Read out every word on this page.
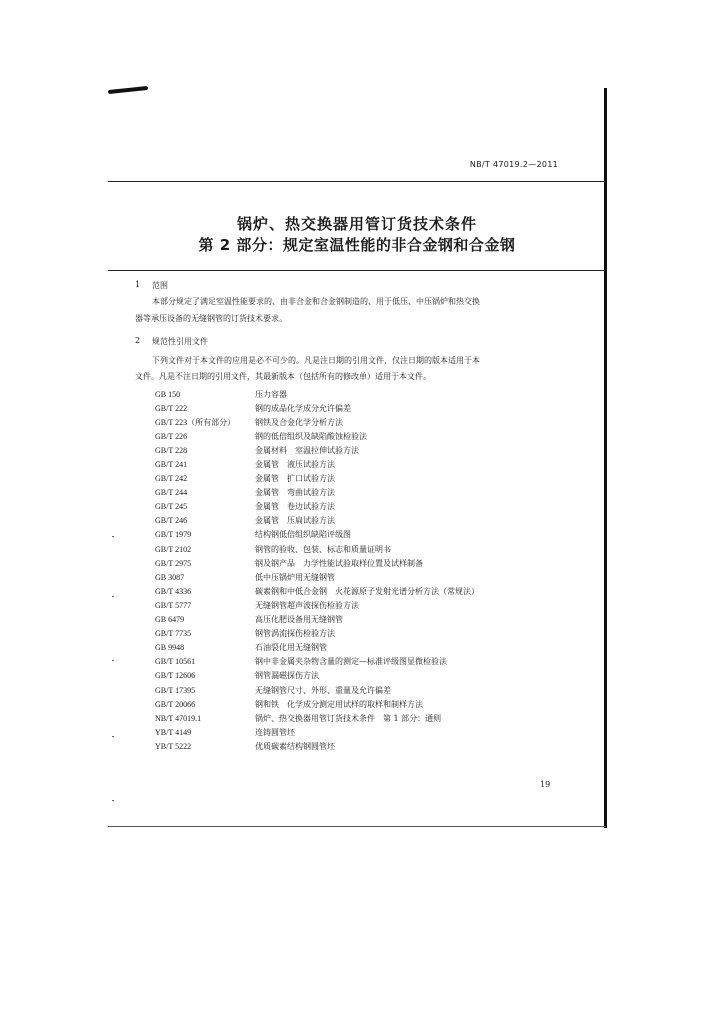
NB/T 47019.2—2011
锅炉、热交换器用管订货技术条件
第 2 部分：规定室温性能的非合金钢和合金钢
1 范围
本部分规定了满足室温性能要求的、由非合金和合金钢制造的、用于低压、中压锅炉和热交换
器等承压设备的无缝钢管的订货技术要求。
2 规范性引用文件
下列文件对于本文件的应用是必不可少的。凡是注日期的引用文件，仅注日期的版本适用于本
文件。凡是不注日期的引用文件，其最新版本（包括所有的修改单）适用于本文件。
GB 150	压力容器
GB/T 222	钢的成品化学成分允许偏差
GB/T 223（所有部分）	钢铁及合金化学分析方法
GB/T 226	钢的低倍组织及缺陷酸蚀检验法
GB/T 228	金属材料　室温拉伸试验方法
GB/T 241	金属管　液压试验方法
GB/T 242	金属管　扩口试验方法
GB/T 244	金属管　弯曲试验方法
GB/T 245	金属管　卷边试验方法
GB/T 246	金属管　压扁试验方法
GB/T 1979	结构钢低倍组织缺陷评级图
GB/T 2102	钢管的验收、包装、标志和质量证明书
GB/T 2975	钢及钢产品　力学性能试验取样位置及试样制备
GB 3087	低中压锅炉用无缝钢管
GB/T 4336	碳素钢和中低合金钢　火花源原子发射光谱分析方法（常规法）
GB/T 5777	无缝钢管超声波探伤检验方法
GB 6479	高压化肥设备用无缝钢管
GB/T 7735	钢管涡流探伤检验方法
GB 9948	石油裂化用无缝钢管
GB/T 10561	钢中非金属夹杂物含量的测定—标准评级图显微检验法
GB/T 12606	钢管漏磁探伤方法
GB/T 17395	无缝钢管尺寸、外形、重量及允许偏差
GB/T 20066	钢和铁　化学成分测定用试样的取样和制样方法
NB/T 47019.1	锅炉、热交换器用管订货技术条件　第 1 部分：通则
YB/T 4149	连铸圆管坯
YB/T 5222	优质碳素结构钢圆管坯
19
